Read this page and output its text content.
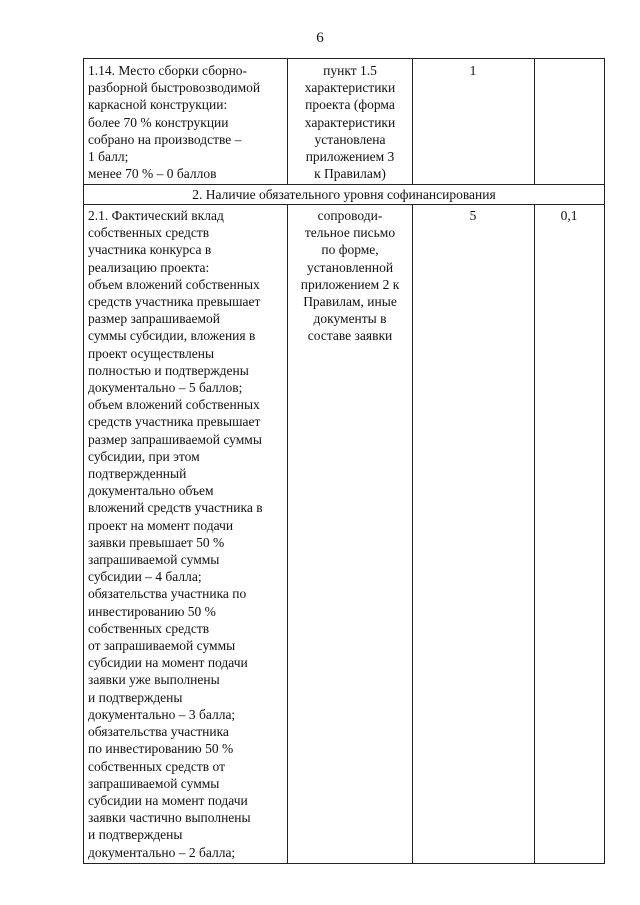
6
1.14. Место сборки сборно-
разборной быстровозводимой
каркасной конструкции:
более 70 % конструкции
собрано на производстве –
1 балл;
менее 70 % – 0 баллов
пункт 1.5
характеристики
проекта (форма
характеристики
установлена
приложением 3
к Правилам)
1
2. Наличие обязательного уровня софинансирования
2.1. Фактический вклад
собственных средств
участника конкурса в
реализацию проекта:
объем вложений собственных
средств участника превышает
размер запрашиваемой
суммы субсидии, вложения в
проект осуществлены
полностью и подтверждены
документально – 5 баллов;
объем вложений собственных
средств участника превышает
размер запрашиваемой суммы
субсидии, при этом
подтвержденный
документально объем
вложений средств участника в
проект на момент подачи
заявки превышает 50 %
запрашиваемой суммы
субсидии – 4 балла;
обязательства участника по
инвестированию 50 %
собственных средств
от запрашиваемой суммы
субсидии на момент подачи
заявки уже выполнены
и подтверждены
документально – 3 балла;
обязательства участника
по инвестированию 50 %
собственных средств от
запрашиваемой суммы
субсидии на момент подачи
заявки частично выполнены
и подтверждены
документально – 2 балла;
сопроводи-
тельное письмо
по форме,
установленной
приложением 2 к
Правилам, иные
документы в
составе заявки
5	0,1
